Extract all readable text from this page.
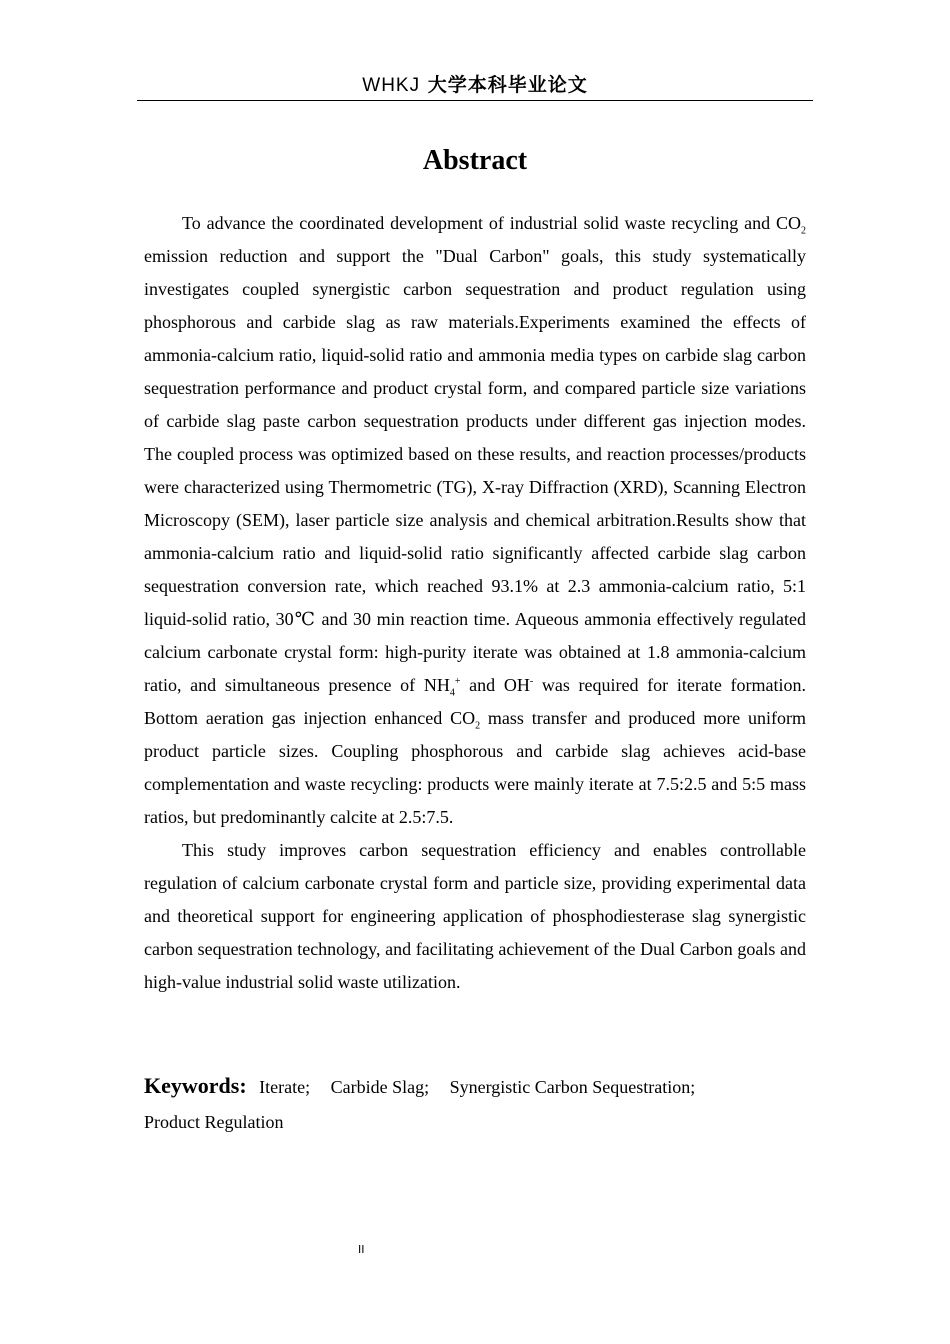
WHKJ 大学本科毕业论文
Abstract

To advance the coordinated development of industrial solid waste recycling and $CO_2$ emission reduction and support the "Dual Carbon" goals, this study systematically investigates coupled synergistic carbon sequestration and product regulation using phosphorous and carbide slag as raw materials.Experiments examined the effects of ammonia-calcium ratio, liquid-solid ratio and ammonia media types on carbide slag carbon sequestration performance and product crystal form, and compared particle size variations of carbide slag paste carbon sequestration products under different gas injection modes. The coupled process was optimized based on these results, and reaction processes/products were characterized using Thermometric (TG), X-ray Diffraction (XRD), Scanning Electron Microscopy (SEM), laser particle size analysis and chemical arbitration.Results show that ammonia-calcium ratio and liquid-solid ratio significantly affected carbide slag carbon sequestration conversion rate, which reached 93.1% at 2.3 ammonia-calcium ratio, 5:1 liquid-solid ratio, 30℃ and 30 min reaction time. Aqueous ammonia effectively regulated calcium carbonate crystal form: high-purity iterate was obtained at 1.8 ammonia-calcium ratio, and simultaneous presence of $NH_4^+$ and OH- was required for iterate formation. Bottom aeration gas injection enhanced $CO_2$ mass transfer and produced more uniform product particle sizes. Coupling phosphorous and carbide slag achieves acid-base complementation and waste recycling: products were mainly iterate at 7.5:2.5 and 5:5 mass ratios, but predominantly calcite at 2.5:7.5.

This study improves carbon sequestration efficiency and enables controllable regulation of calcium carbonate crystal form and particle size, providing experimental data and theoretical support for engineering application of phosphodiesterase slag synergistic carbon sequestration technology, and facilitating achievement of the Dual Carbon goals and high-value industrial solid waste utilization.

Keywords: Iterate; Carbide Slag; Synergistic Carbon Sequestration;
Product Regulation
II
